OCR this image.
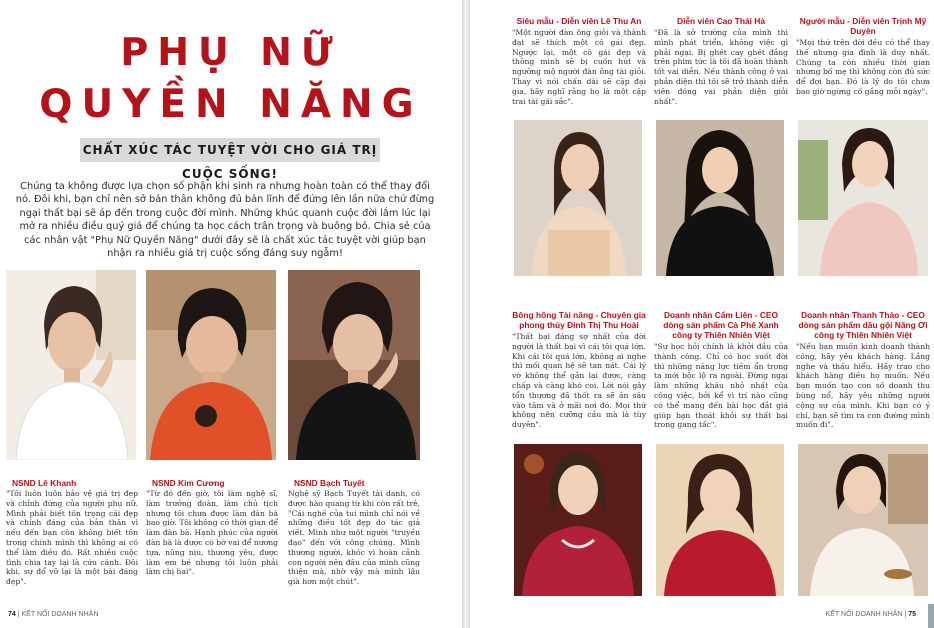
PHỤ NỮ
QUYỀN NĂNG
CHẤT XÚC TÁC TUYỆT VỜI CHO GIÁ TRỊ CUỘC SỐNG!

Chúng ta không được lựa chọn số phận khi sinh ra nhưng hoàn toàn có thể thay đổi nó. Đôi khi, bạn chỉ nên sở bản thân không đủ bản lĩnh để đứng lên lần nữa chứ đừng ngại thất bại sẽ áp đến trong cuộc đời mình. Những khúc quanh cuộc đời lắm lúc lại mở ra nhiều điều quý giá để chúng ta học cách trân trọng và buông bỏ. Chia sẻ của các nhân vật "Phụ Nữ Quyền Năng" dưới đây sẽ là chất xúc tác tuyệt vời giúp bạn nhận ra nhiều giá trị cuộc sống đáng suy ngẫm!

NSND Lê Khanh

"Tôi luôn luôn bảo vệ giá trị đẹp và chỉnh đứng của người phụ nữ. Mình phải biết tôn trọng cái đẹp và chính đáng của bản thân vì nếu đến bạn còn không biết tôn trọng chính mình thì không ai có thể làm điều đó. Rất nhiều cuộc tình chia tay lại là cứu cánh. Đôi khi, sự đổ vỡ lại là một bài đáng đẹp".

NSND Kim Cương

"Từ đó đến giờ, tôi làm nghệ sĩ, làm trưởng đoàn, làm chủ tịch nhưng tôi chưa được làm đàn bà bao giờ. Tôi không có thời gian để làm đàn bà. Hạnh phúc của người đàn bà là được có bờ vai để nương tựa, nũng nịu, thương yêu, được làm em bé nhưng tôi luôn phải làm chị hai".

NSND Bạch Tuyết

Nghệ sỹ Bạch Tuyết tài danh, có được hào quang từ khi còn rất trẻ, "Cái nghề của tui mình chỉ nói về những điều tốt đẹp do tác giả viết. Mình như một người "truyền đạo" đến với công chúng. Mình thương người, khóc vì hoàn cảnh con người nên đâu của mình cũng thiện mà, nhờ vậy mà mình lâu già hơn một chút".

74 | KẾT NỐI DOANH NHÂN

Siêu mẫu - Diễn viên Lê Thu An

"Một người đàn ông giỏi và thành đạt sẽ thích một cô gái đẹp. Ngược lại, một cô gái đẹp và thông minh sẽ bị cuốn hút và ngưỡng mộ người đàn ông tài giỏi. Thay vì nói chấn dài sẽ cặp đại gia, hãy nghĩ rằng họ là một cặp trai tài gái sắc".

Diễn viên Cao Thái Hà

"Đã là sở trường của mình thì mình phát triển, không việc gì phải ngại. Bị ghét cay ghét đắng trên phim tức là tôi đã hoàn thành tốt vai diễn. Nếu thành công ở vai phản diện thì tôi sẽ trở thành diễn viên đóng vai phản diện giỏi nhất".

Người mẫu - Diễn viên Trịnh Mỹ Duyên

"Mọi thứ trên đời đều có thể thay thế nhưng gia đình là duy nhất. Chúng ta còn nhiều thời gian nhưng bố mẹ thì không còn đủ sức để đợi bạn. Đó là lý do tôi chưa bao giờ ngừng cố gắng mỗi ngày".

Bông hồng Tài năng - Chuyên gia phong thủy Đinh Thị Thu Hoài

"Thất bại đáng sợ nhất của đời người là thất bại vì cái tôi quá lớn. Khi cái tôi quá lớn, không ai nghe thì mối quan hệ sẽ tan nát. Cái lý vờ không thể gắn lại được, càng chấp và càng khó coi. Lời nói gây tổn thương đã thốt ra sẽ ăn sâu vào tâm và ở mãi nơi đó. Mọi thứ không nên cưỡng cầu mà là tùy duyên".

Doanh nhân Cẩm Liên - CEO dòng sản phẩm Cà Phê Xanh công ty Thiên Nhiên Việt

"Sự học hỏi chính là khởi đầu của thành công. Chỉ có học suốt đời thì những năng lực tiềm ẩn trong ta mới bộc lộ ra ngoài. Đừng ngại làm những khâu nhỏ nhất của công việc, bởi kể vì trí nào cũng có thể mang đến bài học đắt giá giúp bạn thoát khỏi sự thất bại trong gang tấc".

Doanh nhân Thanh Thảo - CEO dòng sản phẩm dầu gội Năng Ơi công ty Thiên Nhiên Việt

"Nếu bạn muốn kinh doanh thành công, hãy yêu khách hàng. Lắng nghe và thấu hiểu. Hãy trao cho khách hàng điều họ muốn. Nếu bạn muốn tạo con số doanh thu bùng nổ, hãy yêu những người cộng sự của mình. Khi bạn có ý chí, bạn sẽ tìm ra con đường mình muốn đi".

KẾT NỐI DOANH NHÂN | 75
